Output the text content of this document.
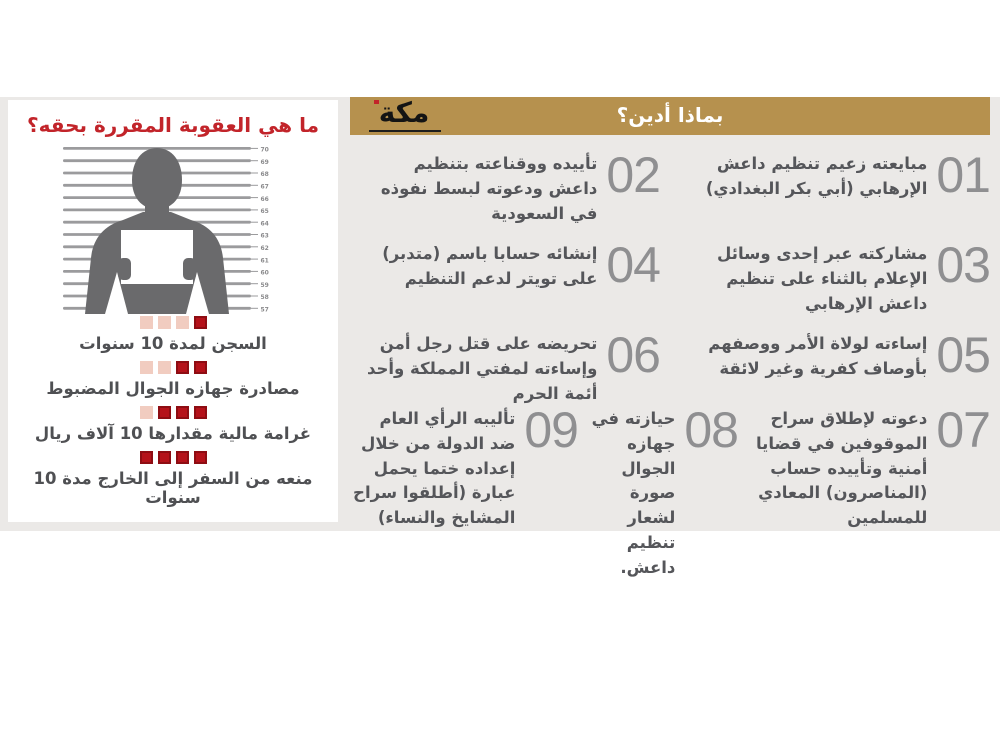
ما هي العقوبة المقررة بحقه؟
70
69
68
67
66
65
64
63
62
61
60
59
58
57
السجن لمدة 10 سنوات
مصادرة جهازه الجوال المضبوط
غرامة مالية مقدارها 10 آلاف ريال
منعه من السفر إلى الخارج مدة 10 سنوات
مكة	بماذا أدين؟
01
مبايعته زعيم تنظيم داعش الإرهابي (أبي بكر البغدادي)
02
تأييده ووقناعته بتنظيم داعش ودعوته لبسط نفوذه في السعودية
03
مشاركته عبر إحدى وسائل الإعلام بالثناء على تنظيم داعش الإرهابي
04
إنشائه حسابا باسم (متدبر) على تويتر لدعم التنظيم
05
إساءته لولاة الأمر ووصفهم بأوصاف كفرية وغير لائقة
06
تحريضه على قتل رجل أمن وإساءته لمفتي المملكة وأحد أئمة الحرم
07
دعوته لإطلاق سراح الموقوفين في قضايا أمنية وتأييده حساب (المناصرون) المعادي للمسلمين
08
حيازته في جهازه الجوال صورة لشعار تنظيم داعش.
09
تأليبه الرأي العام ضد الدولة من خلال إعداده ختما يحمل عبارة (أطلقوا سراح المشايخ والنساء)
